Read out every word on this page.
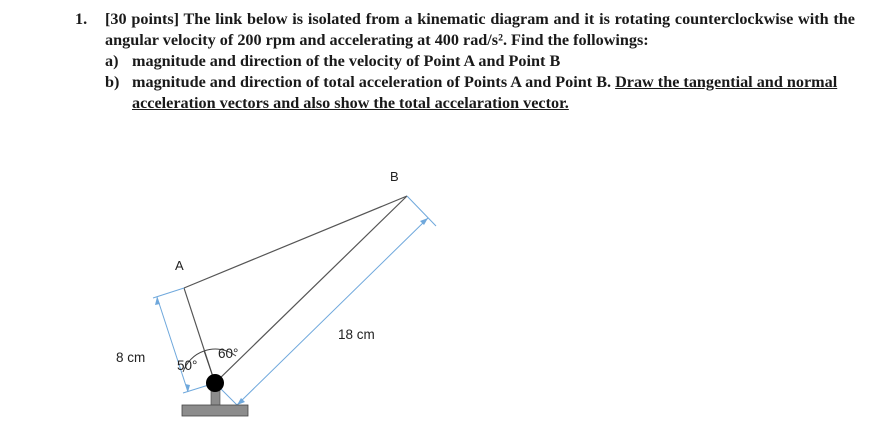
1.	[30 points] The link below is isolated from a kinematic diagram and it is rotating counterclockwise with the angular velocity of 200 rpm and accelerating at 400 rad/s². Find the followings:
a) magnitude and direction of the velocity of Point A and Point B
b) magnitude and direction of total acceleration of Points A and Point B. Draw the tangential and normal acceleration vectors and also show the total accelaration vector.
A
B
8 cm
18 cm
50°
60°
